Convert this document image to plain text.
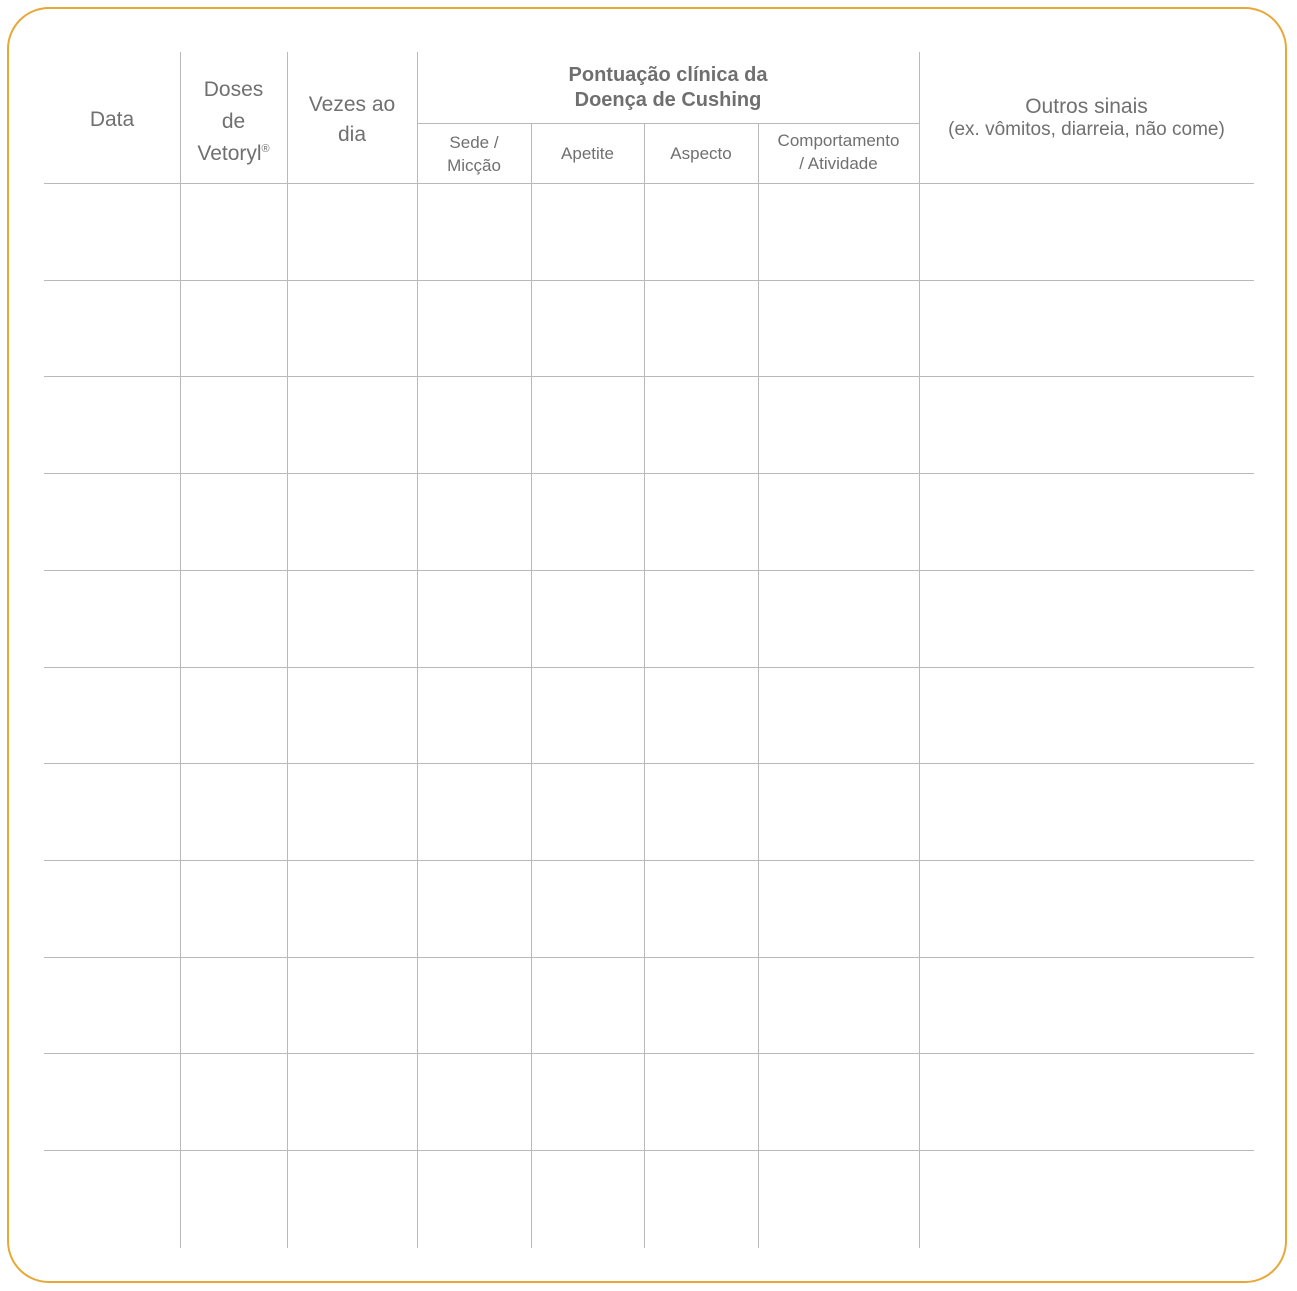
Data
Doses
de
Vetoryl®
Vezes ao
dia
Pontuação clínica da
Doença de Cushing
Sede /
Micção
Apetite	Aspecto
Comportamento
/ Atividade
Outros sinais
(ex. vômitos, diarreia, não come)
